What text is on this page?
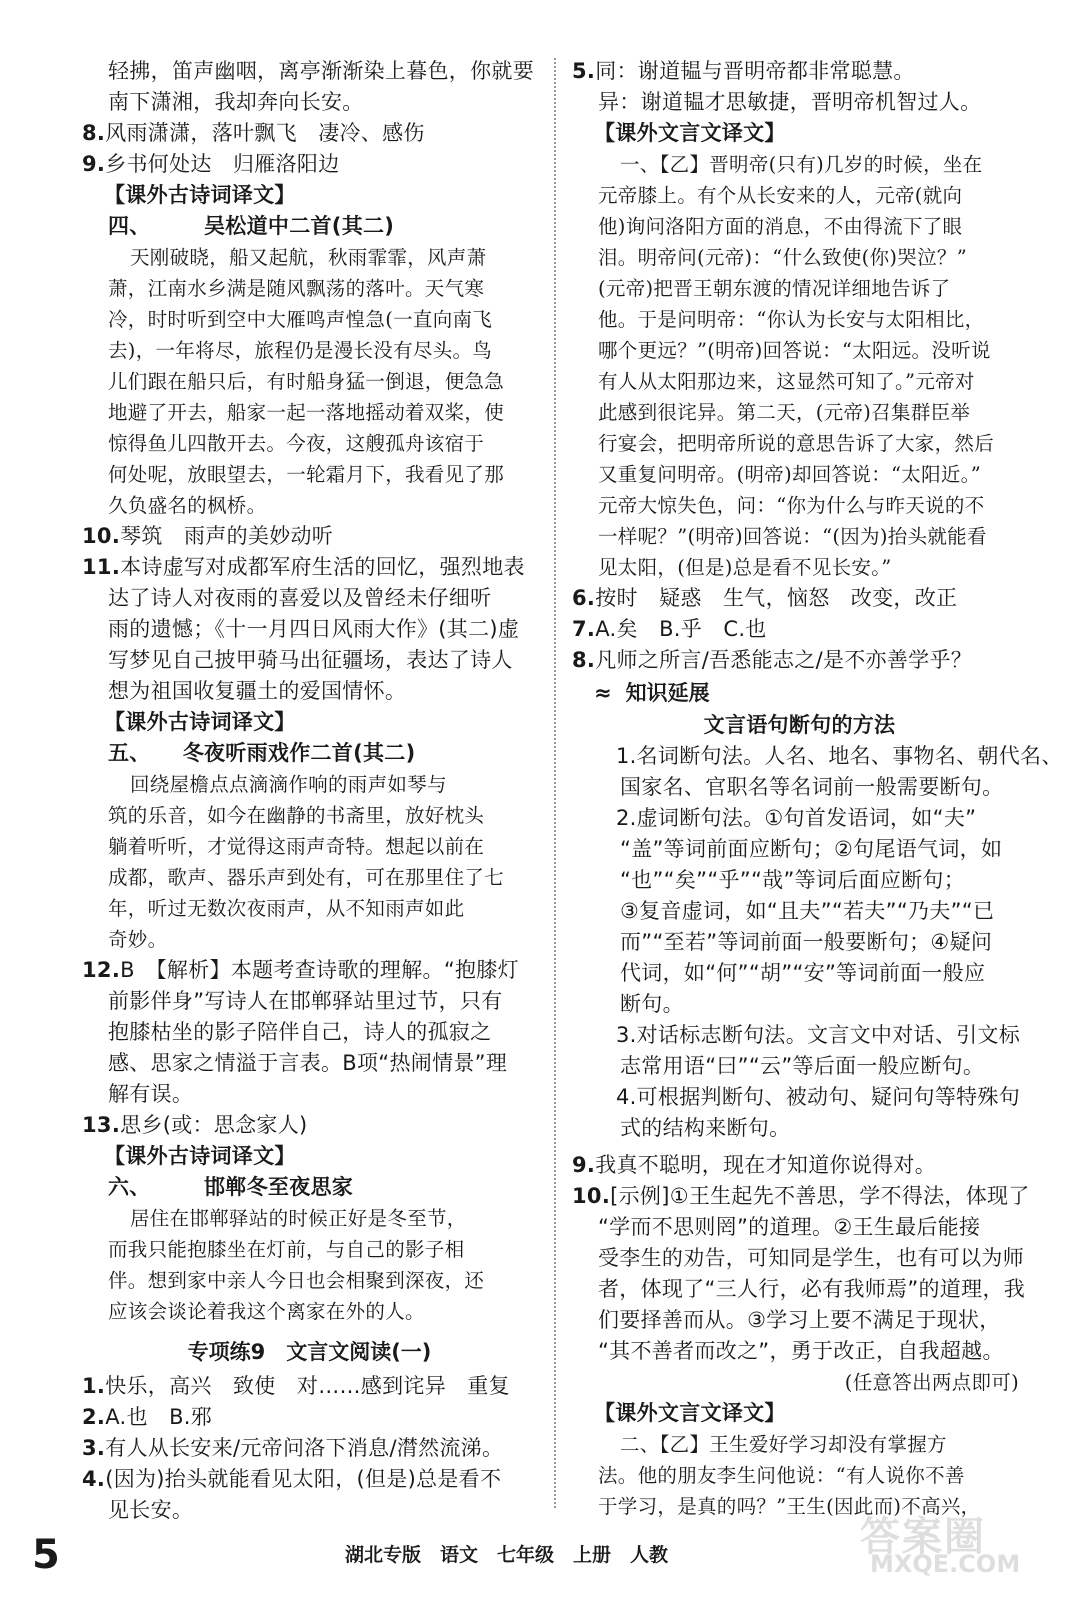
轻拂，笛声幽咽，离亭渐渐染上暮色，你就要
南下潇湘，我却奔向长安。
8.风雨潇潇，落叶飘飞　凄冷、感伤
9.乡书何处达　归雁洛阳边
【课外古诗词译文】
四、　　　吴松道中二首(其二)
天刚破晓，船又起航，秋雨霏霏，风声萧
萧，江南水乡满是随风飘荡的落叶。天气寒
冷，时时听到空中大雁鸣声惶急(一直向南飞
去)，一年将尽，旅程仍是漫长没有尽头。鸟
儿们跟在船只后，有时船身猛一倒退，便急急
地避了开去，船家一起一落地摇动着双桨，使
惊得鱼儿四散开去。今夜，这艘孤舟该宿于
何处呢，放眼望去，一轮霜月下，我看见了那
久负盛名的枫桥。
10.琴筑　雨声的美妙动听
11.本诗虚写对成都军府生活的回忆，强烈地表
达了诗人对夜雨的喜爱以及曾经未仔细听
雨的遗憾；《十一月四日风雨大作》(其二)虚
写梦见自己披甲骑马出征疆场，表达了诗人
想为祖国收复疆土的爱国情怀。
【课外古诗词译文】
五、　　冬夜听雨戏作二首(其二)
回绕屋檐点点滴滴作响的雨声如琴与
筑的乐音，如今在幽静的书斋里，放好枕头
躺着听听，才觉得这雨声奇特。想起以前在
成都，歌声、器乐声到处有，可在那里住了七
年，听过无数次夜雨声，从不知雨声如此
奇妙。
12.B　【解析】本题考查诗歌的理解。“抱膝灯
前影伴身”写诗人在邯郸驿站里过节，只有
抱膝枯坐的影子陪伴自己，诗人的孤寂之
感、思家之情溢于言表。B项“热闹情景”理
解有误。
13.思乡(或：思念家人)
【课外古诗词译文】
六、　　　邯郸冬至夜思家
居住在邯郸驿站的时候正好是冬至节，
而我只能抱膝坐在灯前，与自己的影子相
伴。想到家中亲人今日也会相聚到深夜，还
应该会谈论着我这个离家在外的人。
专项练9　文言文阅读(一)
1.快乐，高兴　致使　对……感到诧异　重复
2.A.也　B.邪
3.有人从长安来/元帝问洛下消息/潸然流涕。
4.(因为)抬头就能看见太阳，(但是)总是看不
见长安。
5.同：谢道韫与晋明帝都非常聪慧。
异：谢道韫才思敏捷，晋明帝机智过人。
【课外文言文译文】
一、【乙】晋明帝(只有)几岁的时候，坐在
元帝膝上。有个从长安来的人，元帝(就向
他)询问洛阳方面的消息，不由得流下了眼
泪。明帝问(元帝)：“什么致使(你)哭泣？”
(元帝)把晋王朝东渡的情况详细地告诉了
他。于是问明帝：“你认为长安与太阳相比，
哪个更远？”(明帝)回答说：“太阳远。没听说
有人从太阳那边来，这显然可知了。”元帝对
此感到很诧异。第二天，(元帝)召集群臣举
行宴会，把明帝所说的意思告诉了大家，然后
又重复问明帝。(明帝)却回答说：“太阳近。”
元帝大惊失色，问：“你为什么与昨天说的不
一样呢？”(明帝)回答说：“(因为)抬头就能看
见太阳，(但是)总是看不见长安。”
6.按时　疑惑　生气，恼怒　改变，改正
7.A.矣　B.乎　C.也
8.凡师之所言/吾悉能志之/是不亦善学乎？
≈ 知识延展
文言语句断句的方法
1.名词断句法。人名、地名、事物名、朝代名、
国家名、官职名等名词前一般需要断句。
2.虚词断句法。①句首发语词，如“夫”
“盖”等词前面应断句；②句尾语气词，如
“也”“矣”“乎”“哉”等词后面应断句；
③复音虚词，如“且夫”“若夫”“乃夫”“已
而”“至若”等词前面一般要断句；④疑问
代词，如“何”“胡”“安”等词前面一般应
断句。
3.对话标志断句法。文言文中对话、引文标
志常用语“曰”“云”等后面一般应断句。
4.可根据判断句、被动句、疑问句等特殊句
式的结构来断句。
9.我真不聪明，现在才知道你说得对。
10.[示例]①王生起先不善思，学不得法，体现了
“学而不思则罔”的道理。②王生最后能接
受李生的劝告，可知同是学生，也有可以为师
者，体现了“三人行，必有我师焉”的道理，我
们要择善而从。③学习上要不满足于现状，
“其不善者而改之”，勇于改正，自我超越。
(任意答出两点即可)
【课外文言文译文】
二、【乙】王生爱好学习却没有掌握方
法。他的朋友李生问他说：“有人说你不善
于学习，是真的吗？”王生(因此而)不高兴，
答案圈
MXQE.COM
5	湖北专版　语文　七年级　上册　人教
